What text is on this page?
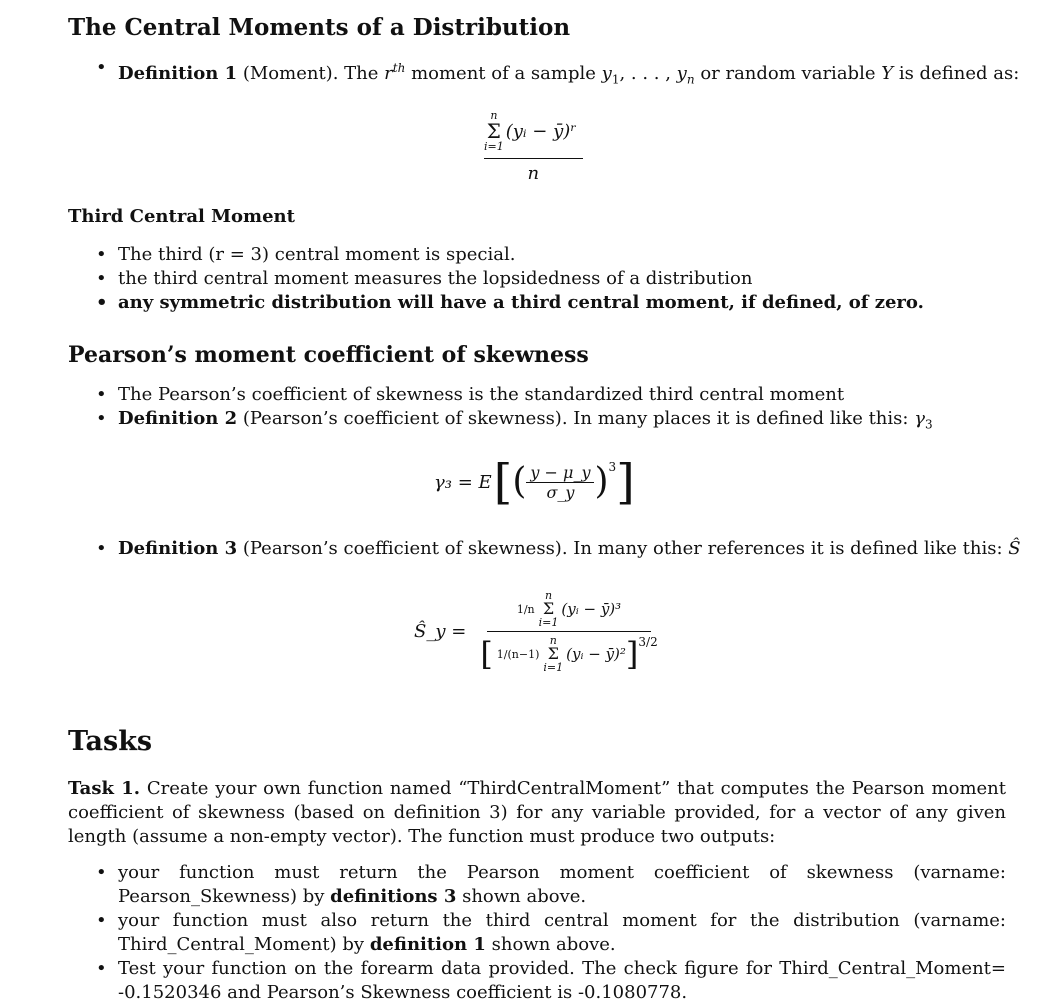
The Central Moments of a Distribution
• Definition 1 (Moment). The $r^{th}$ moment of a sample $y_1$, . . . , $y_n$ or random variable Y is defined as:
n
Σ
i=1
(yᵢ − ȳ)ʳ
n
Third Central Moment
• The third (r = 3) central moment is special.
• the third central moment measures the lopsidedness of a distribution
• any symmetric distribution will have a third central moment, if defined, of zero.
Pearson’s moment coefficient of skewness
• The Pearson’s coefficient of skewness is the standardized third central moment
• Definition 2 (Pearson’s coefficient of skewness). In many places it is defined like this: $\gamma_3$
γ₃ = E [ ( $\frac{y - \mu\_y}{\sigma\_y} )^3$ ]
• Definition 3 (Pearson’s coefficient of skewness). In many other references it is defined like this: Ŝ
Ŝ_y =
1/n
n
Σ
i=1
(yᵢ − ȳ)³
[ 1/(n−1)
n
Σ
i=1
(yᵢ − ȳ)² ]$^{3/2}$
Tasks
Task 1. Create your own function named “ThirdCentralMoment” that computes the Pearson moment coefficient of skewness (based on definition 3) for any variable provided, for a vector of any given length (assume a non-empty vector). The function must produce two outputs:
• your function must return the Pearson moment coefficient of skewness (varname: Pearson_Skewness) by definitions 3 shown above.
• your function must also return the third central moment for the distribution (varname: Third_Central_Moment) by definition 1 shown above.
• Test your function on the forearm data provided. The check figure for Third_Central_Moment= -0.1520346 and Pearson’s Skewness coefficient is -0.1080778.
